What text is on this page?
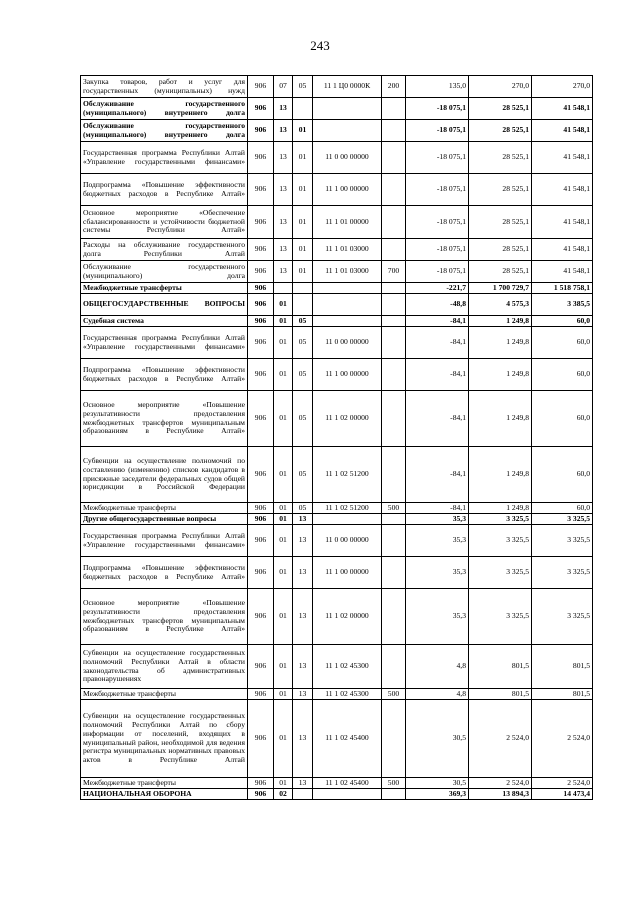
243
Закупка товаров, работ и услуг для государственных (муниципальных) нужд	906	07	05	11 1 Ц0 0000К	200	135,0	270,0	270,0
Обслуживание государственного (муниципального) внутреннего долга	906	13				-18 075,1	28 525,1	41 548,1
Обслуживание государственного (муниципального) внутреннего долга	906	13	01			-18 075,1	28 525,1	41 548,1
Государственная программа Республики Алтай «Управление государственными финансами»	906	13	01	11 0 00 00000		-18 075,1	28 525,1	41 548,1
Подпрограмма «Повышение эффективности бюджетных расходов в Республике Алтай»	906	13	01	11 1 00 00000		-18 075,1	28 525,1	41 548,1
Основное мероприятие «Обеспечение сбалансированности и устойчивости бюджетной системы Республики Алтай»	906	13	01	11 1 01 00000		-18 075,1	28 525,1	41 548,1
Расходы на обслуживание государственного долга Республики Алтай	906	13	01	11 1 01 03000		-18 075,1	28 525,1	41 548,1
Обслуживание государственного (муниципального) долга	906	13	01	11 1 01 03000	700	-18 075,1	28 525,1	41 548,1
Межбюджетные трансферты	906					-221,7	1 700 729,7	1 518 758,1
ОБЩЕГОСУДАРСТВЕННЫЕ ВОПРОСЫ	906	01				-48,8	4 575,3	3 385,5
Судебная система	906	01	05			-84,1	1 249,8	60,0
Государственная программа Республики Алтай «Управление государственными финансами»	906	01	05	11 0 00 00000		-84,1	1 249,8	60,0
Подпрограмма «Повышение эффективности бюджетных расходов в Республике Алтай»	906	01	05	11 1 00 00000		-84,1	1 249,8	60,0
Основное мероприятие «Повышение результативности предоставления межбюджетных трансфертов муниципальным образованиям в Республике Алтай»	906	01	05	11 1 02 00000		-84,1	1 249,8	60,0
Субвенции на осуществление полномочий по составлению (изменению) списков кандидатов в присяжные заседатели федеральных судов общей юрисдикции в Российской Федерации	906	01	05	11 1 02 51200		-84,1	1 249,8	60,0
Межбюджетные трансферты	906	01	05	11 1 02 51200	500	-84,1	1 249,8	60,0
Другие общегосударственные вопросы	906	01	13			35,3	3 325,5	3 325,5
Государственная программа Республики Алтай «Управление государственными финансами»	906	01	13	11 0 00 00000		35,3	3 325,5	3 325,5
Подпрограмма «Повышение эффективности бюджетных расходов в Республике Алтай»	906	01	13	11 1 00 00000		35,3	3 325,5	3 325,5
Основное мероприятие «Повышение результативности предоставления межбюджетных трансфертов муниципальным образованиям в Республике Алтай»	906	01	13	11 1 02 00000		35,3	3 325,5	3 325,5
Субвенции на осуществление государственных полномочий Республики Алтай в области законодательства об административных правонарушениях	906	01	13	11 1 02 45300		4,8	801,5	801,5
Межбюджетные трансферты	906	01	13	11 1 02 45300	500	4,8	801,5	801,5
Субвенции на осуществление государственных полномочий Республики Алтай по сбору информации от поселений, входящих в муниципальный район, необходимой для ведения регистра муниципальных нормативных правовых актов в Республике Алтай	906	01	13	11 1 02 45400		30,5	2 524,0	2 524,0
Межбюджетные трансферты	906	01	13	11 1 02 45400	500	30,5	2 524,0	2 524,0
НАЦИОНАЛЬНАЯ ОБОРОНА	906	02				369,3	13 894,3	14 473,4
